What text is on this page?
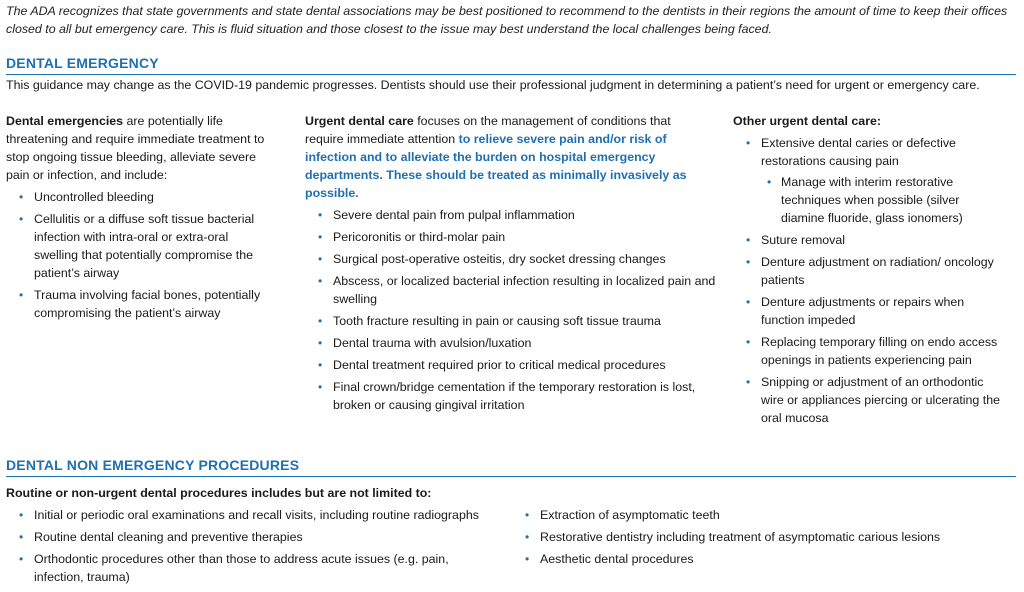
The ADA recognizes that state governments and state dental associations may be best positioned to recommend to the dentists in their regions the amount of time to keep their offices closed to all but emergency care. This is fluid situation and those closest to the issue may best understand the local challenges being faced.
DENTAL EMERGENCY
This guidance may change as the COVID-19 pandemic progresses. Dentists should use their professional judgment in determining a patient’s need for urgent or emergency care.

Dental emergencies are potentially life threatening and require immediate treatment to stop ongoing tissue bleeding, alleviate severe pain or infection, and include:

• Uncontrolled bleeding
• Cellulitis or a diffuse soft tissue bacterial infection with intra-oral or extra-oral swelling that potentially compromise the patient’s airway
• Trauma involving facial bones, potentially compromising the patient’s airway

Urgent dental care focuses on the management of conditions that require immediate attention to relieve severe pain and/or risk of infection and to alleviate the burden on hospital emergency departments. These should be treated as minimally invasively as possible.

• Severe dental pain from pulpal inflammation
• Pericoronitis or third-molar pain
• Surgical post-operative osteitis, dry socket dressing changes
• Abscess, or localized bacterial infection resulting in localized pain and swelling
• Tooth fracture resulting in pain or causing soft tissue trauma
• Dental trauma with avulsion/luxation
• Dental treatment required prior to critical medical procedures
• Final crown/bridge cementation if the temporary restoration is lost, broken or causing gingival irritation

Other urgent dental care:

• Extensive dental caries or defective restorations causing pain
• Manage with interim restorative techniques when possible (silver diamine fluoride, glass ionomers)
• Suture removal
• Denture adjustment on radiation/ oncology patients
• Denture adjustments or repairs when function impeded
• Replacing temporary filling on endo access openings in patients experiencing pain
• Snipping or adjustment of an orthodontic wire or appliances piercing or ulcerating the oral mucosa
DENTAL NON EMERGENCY PROCEDURES
Routine or non-urgent dental procedures includes but are not limited to:
• Initial or periodic oral examinations and recall visits, including routine radiographs
• Routine dental cleaning and preventive therapies
• Orthodontic procedures other than those to address acute issues (e.g. pain, infection, trauma)
• Extraction of asymptomatic teeth
• Restorative dentistry including treatment of asymptomatic carious lesions
• Aesthetic dental procedures
